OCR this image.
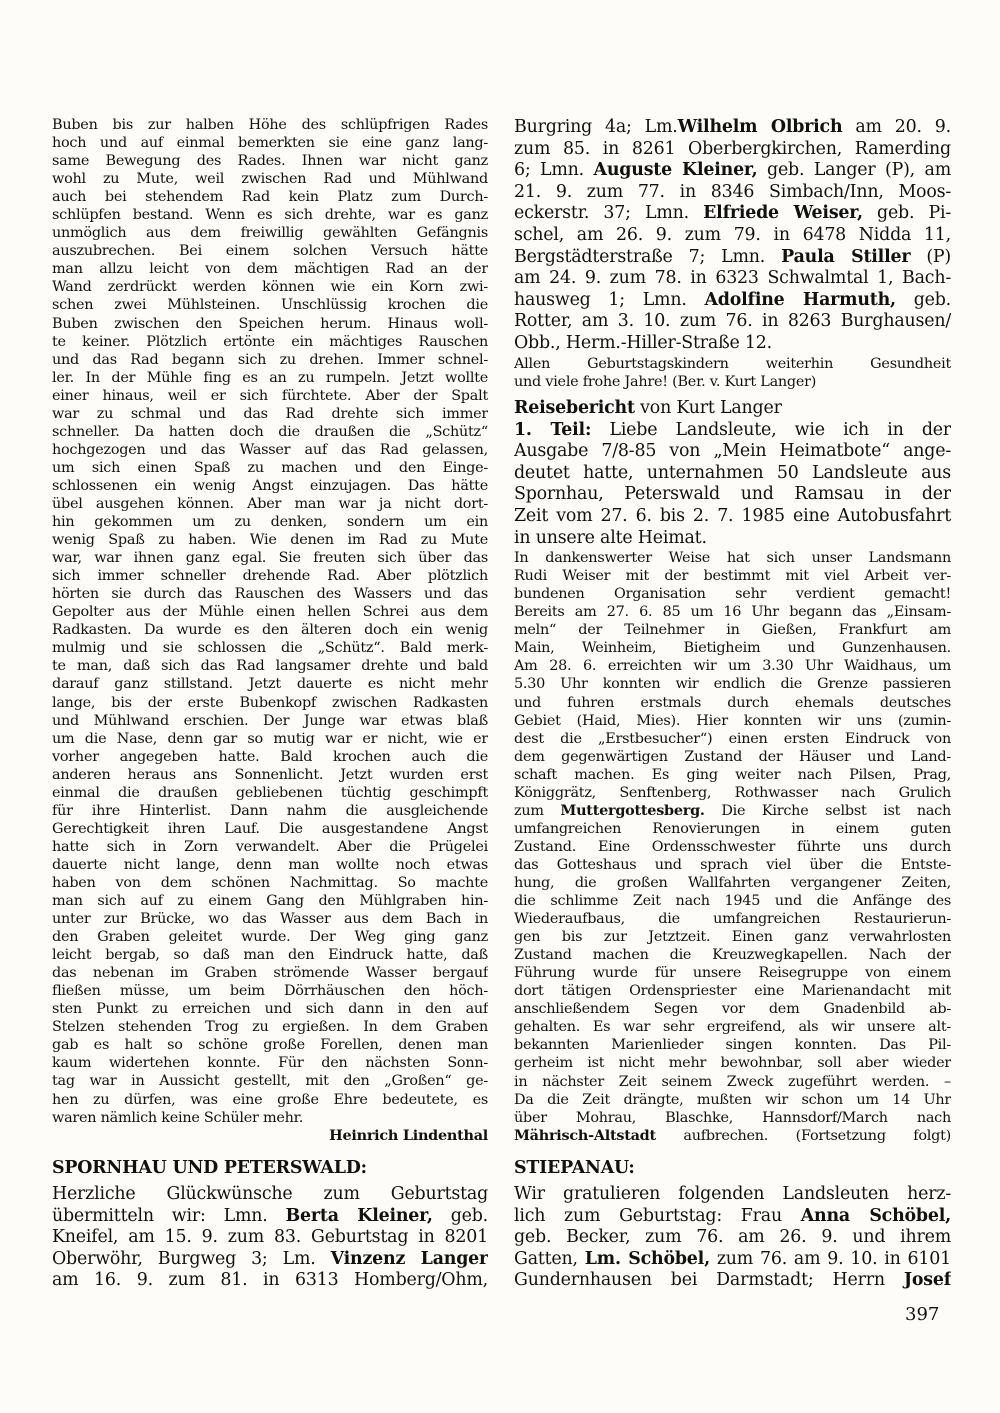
Buben bis zur halben Höhe des schlüpfrigen Rades
hoch und auf einmal bemerkten sie eine ganz lang-
same Bewegung des Rades. Ihnen war nicht ganz
wohl zu Mute, weil zwischen Rad und Mühlwand
auch bei stehendem Rad kein Platz zum Durch-
schlüpfen bestand. Wenn es sich drehte, war es ganz
unmöglich aus dem freiwillig gewählten Gefängnis
auszubrechen. Bei einem solchen Versuch hätte
man allzu leicht von dem mächtigen Rad an der
Wand zerdrückt werden können wie ein Korn zwi-
schen zwei Mühlsteinen. Unschlüssig krochen die
Buben zwischen den Speichen herum. Hinaus woll-
te keiner. Plötzlich ertönte ein mächtiges Rauschen
und das Rad begann sich zu drehen. Immer schnel-
ler. In der Mühle fing es an zu rumpeln. Jetzt wollte
einer hinaus, weil er sich fürchtete. Aber der Spalt
war zu schmal und das Rad drehte sich immer
schneller. Da hatten doch die draußen die „Schütz“
hochgezogen und das Wasser auf das Rad gelassen,
um sich einen Spaß zu machen und den Einge-
schlossenen ein wenig Angst einzujagen. Das hätte
übel ausgehen können. Aber man war ja nicht dort-
hin gekommen um zu denken, sondern um ein
wenig Spaß zu haben. Wie denen im Rad zu Mute
war, war ihnen ganz egal. Sie freuten sich über das
sich immer schneller drehende Rad. Aber plötzlich
hörten sie durch das Rauschen des Wassers und das
Gepolter aus der Mühle einen hellen Schrei aus dem
Radkasten. Da wurde es den älteren doch ein wenig
mulmig und sie schlossen die „Schütz“. Bald merk-
te man, daß sich das Rad langsamer drehte und bald
darauf ganz stillstand. Jetzt dauerte es nicht mehr
lange, bis der erste Bubenkopf zwischen Radkasten
und Mühlwand erschien. Der Junge war etwas blaß
um die Nase, denn gar so mutig war er nicht, wie er
vorher angegeben hatte. Bald krochen auch die
anderen heraus ans Sonnenlicht. Jetzt wurden erst
einmal die draußen gebliebenen tüchtig geschimpft
für ihre Hinterlist. Dann nahm die ausgleichende
Gerechtigkeit ihren Lauf. Die ausgestandene Angst
hatte sich in Zorn verwandelt. Aber die Prügelei
dauerte nicht lange, denn man wollte noch etwas
haben von dem schönen Nachmittag. So machte
man sich auf zu einem Gang den Mühlgraben hin-
unter zur Brücke, wo das Wasser aus dem Bach in
den Graben geleitet wurde. Der Weg ging ganz
leicht bergab, so daß man den Eindruck hatte, daß
das nebenan im Graben strömende Wasser bergauf
fließen müsse, um beim Dörrhäuschen den höch-
sten Punkt zu erreichen und sich dann in den auf
Stelzen stehenden Trog zu ergießen. In dem Graben
gab es halt so schöne große Forellen, denen man
kaum widertehen konnte. Für den nächsten Sonn-
tag war in Aussicht gestellt, mit den „Großen“ ge-
hen zu dürfen, was eine große Ehre bedeutete, es
waren nämlich keine Schüler mehr.
Heinrich Lindenthal
SPORNHAU UND PETERSWALD:
Herzliche Glückwünsche zum Geburtstag
übermitteln wir: Lmn. Berta Kleiner, geb.
Kneifel, am 15. 9. zum 83. Geburtstag in 8201
Oberwöhr, Burgweg 3; Lm. Vinzenz Langer
am 16. 9. zum 81. in 6313 Homberg/Ohm,
Burgring 4a; Lm.Wilhelm Olbrich am 20. 9.
zum 85. in 8261 Oberbergkirchen, Ramerding
6; Lmn. Auguste Kleiner, geb. Langer (P), am
21. 9. zum 77. in 8346 Simbach/Inn, Moos-
eckerstr. 37; Lmn. Elfriede Weiser, geb. Pi-
schel, am 26. 9. zum 79. in 6478 Nidda 11,
Bergstädterstraße 7; Lmn. Paula Stiller (P)
am 24. 9. zum 78. in 6323 Schwalmtal 1, Bach-
hausweg 1; Lmn. Adolfine Harmuth, geb.
Rotter, am 3. 10. zum 76. in 8263 Burghausen/
Obb., Herm.-Hiller-Straße 12.
Allen Geburtstagskindern weiterhin Gesundheit
und viele frohe Jahre! (Ber. v. Kurt Langer)
Reisebericht von Kurt Langer
1. Teil: Liebe Landsleute, wie ich in der
Ausgabe 7/8-85 von „Mein Heimatbote“ ange-
deutet hatte, unternahmen 50 Landsleute aus
Spornhau, Peterswald und Ramsau in der
Zeit vom 27. 6. bis 2. 7. 1985 eine Autobusfahrt
in unsere alte Heimat.
In dankenswerter Weise hat sich unser Landsmann
Rudi Weiser mit der bestimmt mit viel Arbeit ver-
bundenen Organisation sehr verdient gemacht!
Bereits am 27. 6. 85 um 16 Uhr begann das „Einsam-
meln“ der Teilnehmer in Gießen, Frankfurt am
Main, Weinheim, Bietigheim und Gunzenhausen.
Am 28. 6. erreichten wir um 3.30 Uhr Waidhaus, um
5.30 Uhr konnten wir endlich die Grenze passieren
und fuhren erstmals durch ehemals deutsches
Gebiet (Haid, Mies). Hier konnten wir uns (zumin-
dest die „Erstbesucher“) einen ersten Eindruck von
dem gegenwärtigen Zustand der Häuser und Land-
schaft machen. Es ging weiter nach Pilsen, Prag,
Königgrätz, Senftenberg, Rothwasser nach Grulich
zum Muttergottesberg. Die Kirche selbst ist nach
umfangreichen Renovierungen in einem guten
Zustand. Eine Ordensschwester führte uns durch
das Gotteshaus und sprach viel über die Entste-
hung, die großen Wallfahrten vergangener Zeiten,
die schlimme Zeit nach 1945 und die Anfänge des
Wiederaufbaus, die umfangreichen Restaurierun-
gen bis zur Jetztzeit. Einen ganz verwahrlosten
Zustand machen die Kreuzwegkapellen. Nach der
Führung wurde für unsere Reisegruppe von einem
dort tätigen Ordenspriester eine Marienandacht mit
anschließendem Segen vor dem Gnadenbild ab-
gehalten. Es war sehr ergreifend, als wir unsere alt-
bekannten Marienlieder singen konnten. Das Pil-
gerheim ist nicht mehr bewohnbar, soll aber wieder
in nächster Zeit seinem Zweck zugeführt werden. –
Da die Zeit drängte, mußten wir schon um 14 Uhr
über Mohrau, Blaschke, Hannsdorf/March nach
Mährisch-Altstadt aufbrechen. (Fortsetzung folgt)
STIEPANAU:
Wir gratulieren folgenden Landsleuten herz-
lich zum Geburtstag: Frau Anna Schöbel,
geb. Becker, zum 76. am 26. 9. und ihrem
Gatten, Lm. Schöbel, zum 76. am 9. 10. in 6101
Gundernhausen bei Darmstadt; Herrn Josef
397
